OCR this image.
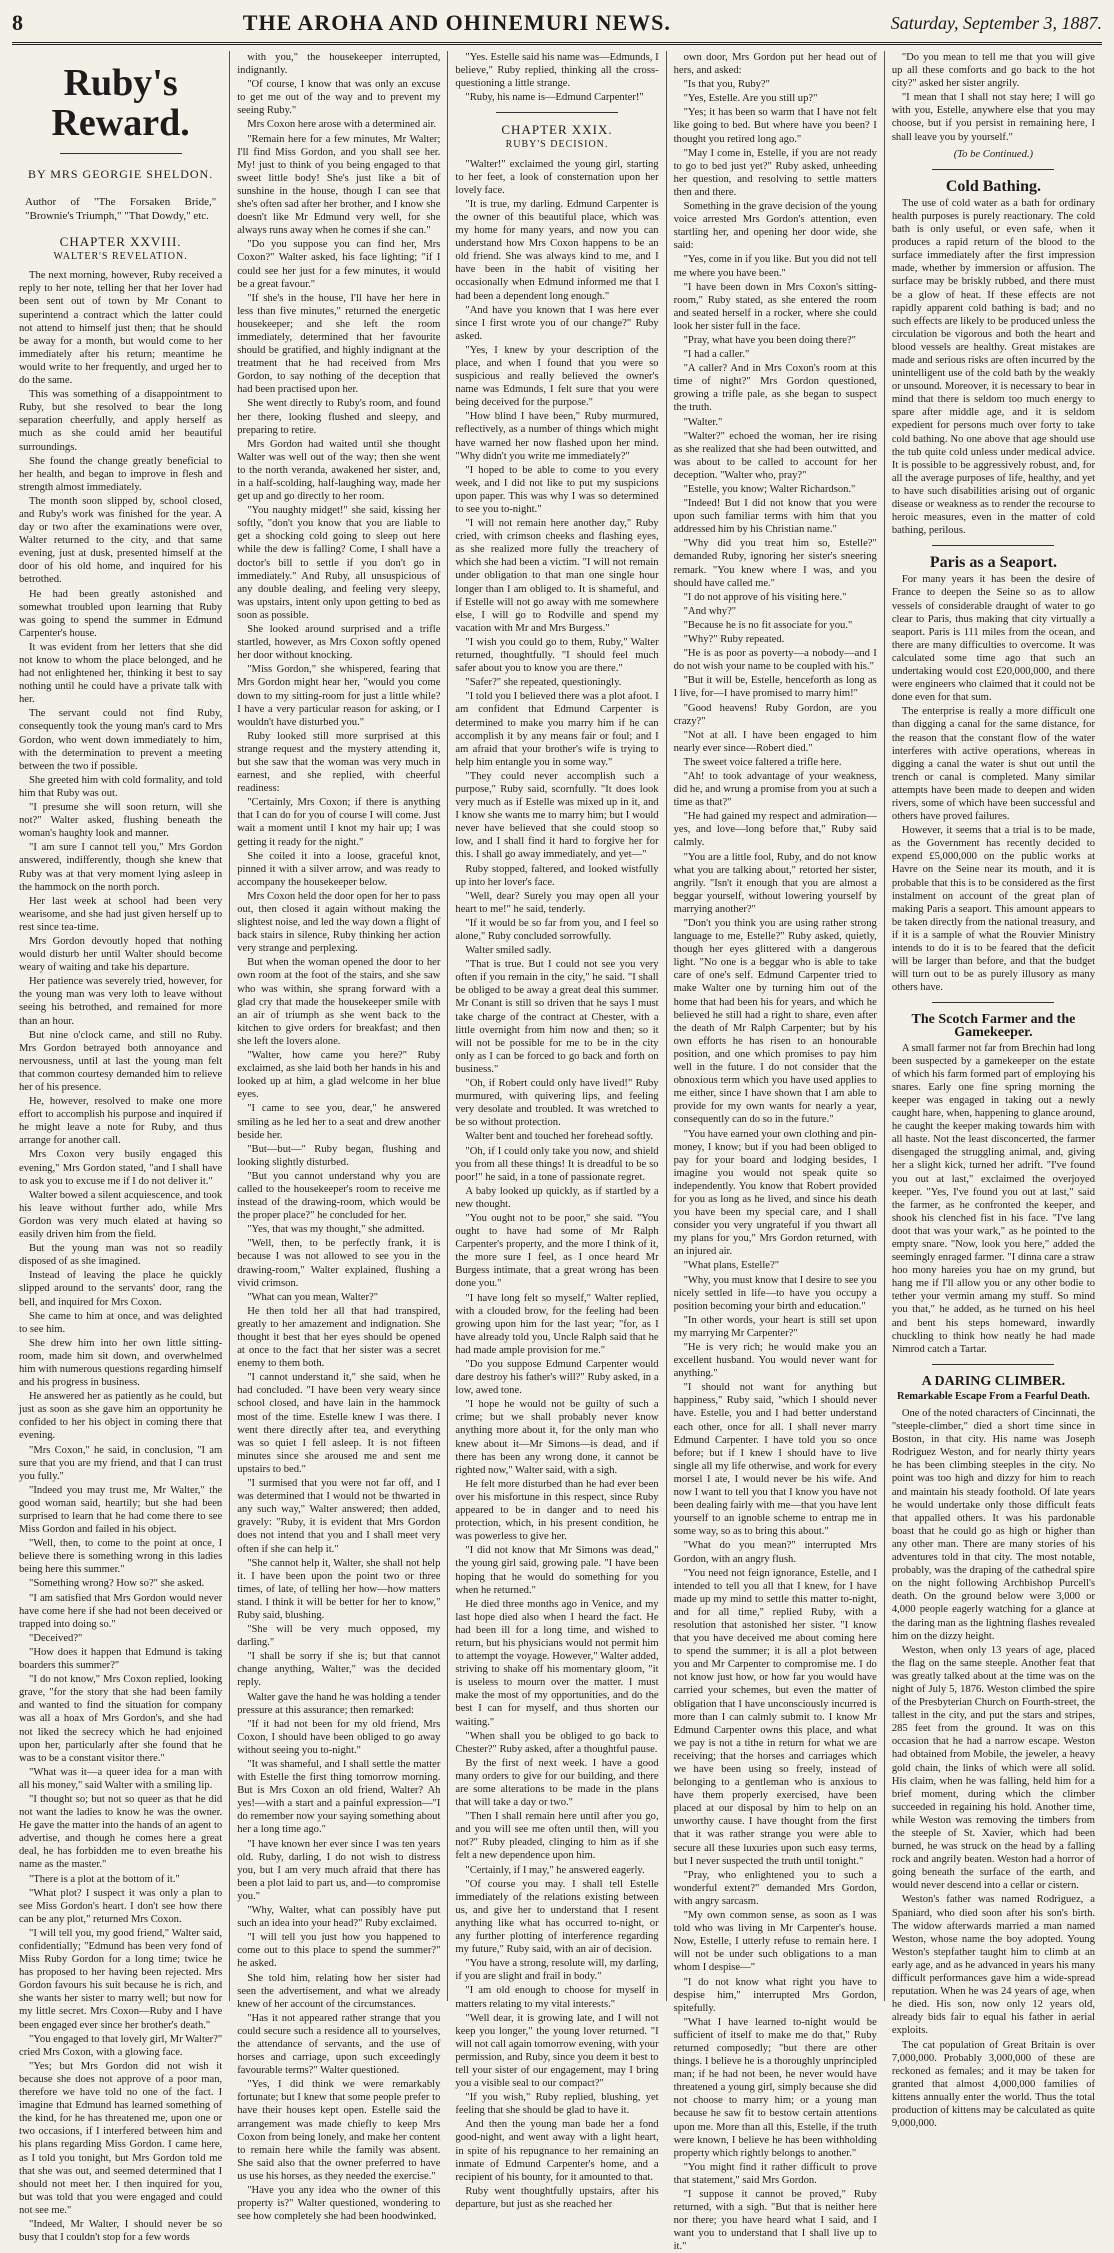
8	THE AROHA AND OHINEMURI NEWS.	Saturday, September 3, 1887.
Ruby's Reward.
BY MRS GEORGIE SHELDON.
Author of "The Forsaken Bride," "Brownie's Triumph," "That Dowdy," etc.
CHAPTER XXVIII.
WALTER'S REVELATION.

The next morning, however, Ruby received a reply to her note, telling her that her lover had been sent out of town by Mr Conant to superintend a contract which the latter could not attend to himself just then; that he should be away for a month, but would come to her immediately after his return; meantime he would write to her frequently, and urged her to do the same.

This was something of a disappointment to Ruby, but she resolved to bear the long separation cheerfully, and apply herself as much as she could amid her beautiful surroundings.

She found the change greatly beneficial to her health, and began to improve in flesh and strength almost immediately.

The month soon slipped by, school closed, and Ruby's work was finished for the year. A day or two after the examinations were over, Walter returned to the city, and that same evening, just at dusk, presented himself at the door of his old home, and inquired for his betrothed.

He had been greatly astonished and somewhat troubled upon learning that Ruby was going to spend the summer in Edmund Carpenter's house.

It was evident from her letters that she did not know to whom the place belonged, and he had not enlightened her, thinking it best to say nothing until he could have a private talk with her.

The servant could not find Ruby, consequently took the young man's card to Mrs Gordon, who went down immediately to him, with the determination to prevent a meeting between the two if possible.

She greeted him with cold formality, and told him that Ruby was out.

"I presume she will soon return, will she not?" Walter asked, flushing beneath the woman's haughty look and manner.

"I am sure I cannot tell you," Mrs Gordon answered, indifferently, though she knew that Ruby was at that very moment lying asleep in the hammock on the north porch.

Her last week at school had been very wearisome, and she had just given herself up to rest since tea-time.

Mrs Gordon devoutly hoped that nothing would disturb her until Walter should become weary of waiting and take his departure.

Her patience was severely tried, however, for the young man was very loth to leave without seeing his betrothed, and remained for more than an hour.

But nine o'clock came, and still no Ruby. Mrs Gordon betrayed both annoyance and nervousness, until at last the young man felt that common courtesy demanded him to relieve her of his presence.

He, however, resolved to make one more effort to accomplish his purpose and inquired if he might leave a note for Ruby, and thus arrange for another call.

Mrs Coxon very busily engaged this evening," Mrs Gordon stated, "and I shall have to ask you to excuse me if I do not deliver it."

Walter bowed a silent acquiescence, and took his leave without further ado, while Mrs Gordon was very much elated at having so easily driven him from the field.

But the young man was not so readily disposed of as she imagined.

Instead of leaving the place he quickly slipped around to the servants' door, rang the bell, and inquired for Mrs Coxon.

She came to him at once, and was delighted to see him.

She drew him into her own little sitting-room, made him sit down, and overwhelmed him with numerous questions regarding himself and his progress in business.

He answered her as patiently as he could, but just as soon as she gave him an opportunity he confided to her his object in coming there that evening.

"Mrs Coxon," he said, in conclusion, "I am sure that you are my friend, and that I can trust you fully."

"Indeed you may trust me, Mr Walter," the good woman said, heartily; but she had been surprised to learn that he had come there to see Miss Gordon and failed in his object.

"Well, then, to come to the point at once, I believe there is something wrong in this ladies being here this summer."

"Something wrong? How so?" she asked.

"I am satisfied that Mrs Gordon would never have come here if she had not been deceived or trapped into doing so."

"Deceived?"

"How does it happen that Edmund is taking boarders this summer?"

"I do not know," Mrs Coxon replied, looking grave, "for the story that she had been family and wanted to find the situation for company was all a hoax of Mrs Gordon's, and she had not liked the secrecy which he had enjoined upon her, particularly after she found that he was to be a constant visitor there."

"What was it—a queer idea for a man with all his money," said Walter with a smiling lip.

"I thought so; but not so queer as that he did not want the ladies to know he was the owner. He gave the matter into the hands of an agent to advertise, and though he comes here a great deal, he has forbidden me to even breathe his name as the master."

"There is a plot at the bottom of it."

"What plot? I suspect it was only a plan to see Miss Gordon's heart. I don't see how there can be any plot," returned Mrs Coxon.

"I will tell you, my good friend," Walter said, confidentially; "Edmund has been very fond of Miss Ruby Gordon for a long time; twice he has proposed to her having been rejected. Mrs Gordon favours his suit because he is rich, and she wants her sister to marry well; but now for my little secret. Mrs Coxon—Ruby and I have been engaged ever since her brother's death."

"You engaged to that lovely girl, Mr Walter?" cried Mrs Coxon, with a glowing face.

"Yes; but Mrs Gordon did not wish it because she does not approve of a poor man, therefore we have told no one of the fact. I imagine that Edmund has learned something of the kind, for he has threatened me, upon one or two occasions, if I interfered between him and his plans regarding Miss Gordon. I came here, as I told you tonight, but Mrs Gordon told me that she was out, and seemed determined that I should not meet her. I then inquired for you, but was told that you were engaged and could not see me."

"Indeed, Mr Walter, I should never be so busy that I couldn't stop for a few words

with you," the housekeeper interrupted, indignantly.

"Of course, I know that was only an excuse to get me out of the way and to prevent my seeing Ruby."

Mrs Coxon here arose with a determined air.

"Remain here for a few minutes, Mr Walter; I'll find Miss Gordon, and you shall see her. My! just to think of you being engaged to that sweet little body! She's just like a bit of sunshine in the house, though I can see that she's often sad after her brother, and I know she doesn't like Mr Edmund very well, for she always runs away when he comes if she can."

"Do you suppose you can find her, Mrs Coxon?" Walter asked, his face lighting; "if I could see her just for a few minutes, it would be a great favour."

"If she's in the house, I'll have her here in less than five minutes," returned the energetic housekeeper; and she left the room immediately, determined that her favourite should be gratified, and highly indignant at the treatment that he had received from Mrs Gordon, to say nothing of the deception that had been practised upon her.

She went directly to Ruby's room, and found her there, looking flushed and sleepy, and preparing to retire.

Mrs Gordon had waited until she thought Walter was well out of the way; then she went to the north veranda, awakened her sister, and, in a half-scolding, half-laughing way, made her get up and go directly to her room.

"You naughty midget!" she said, kissing her softly, "don't you know that you are liable to get a shocking cold going to sleep out here while the dew is falling? Come, I shall have a doctor's bill to settle if you don't go in immediately." And Ruby, all unsuspicious of any double dealing, and feeling very sleepy, was upstairs, intent only upon getting to bed as soon as possible.

She looked around surprised and a trifle startled, however, as Mrs Coxon softly opened her door without knocking.

"Miss Gordon," she whispered, fearing that Mrs Gordon might hear her, "would you come down to my sitting-room for just a little while? I have a very particular reason for asking, or I wouldn't have disturbed you."

Ruby looked still more surprised at this strange request and the mystery attending it, but she saw that the woman was very much in earnest, and she replied, with cheerful readiness:

"Certainly, Mrs Coxon; if there is anything that I can do for you of course I will come. Just wait a moment until I knot my hair up; I was getting it ready for the night."

She coiled it into a loose, graceful knot, pinned it with a silver arrow, and was ready to accompany the housekeeper below.

Mrs Coxon held the door open for her to pass out, then closed it again without making the slightest noise, and led the way down a flight of back stairs in silence, Ruby thinking her action very strange and perplexing.

But when the woman opened the door to her own room at the foot of the stairs, and she saw who was within, she sprang forward with a glad cry that made the housekeeper smile with an air of triumph as she went back to the kitchen to give orders for breakfast; and then she left the lovers alone.

"Walter, how came you here?" Ruby exclaimed, as she laid both her hands in his and looked up at him, a glad welcome in her blue eyes.

"I came to see you, dear," he answered smiling as he led her to a seat and drew another beside her.

"But—but—" Ruby began, flushing and looking slightly disturbed.

"But you cannot understand why you are called to the housekeeper's room to receive me instead of the drawing-room, which would be the proper place?" he concluded for her.

"Yes, that was my thought," she admitted.

"Well, then, to be perfectly frank, it is because I was not allowed to see you in the drawing-room," Walter explained, flushing a vivid crimson.

"What can you mean, Walter?"

He then told her all that had transpired, greatly to her amazement and indignation. She thought it best that her eyes should be opened at once to the fact that her sister was a secret enemy to them both.

"I cannot understand it," she said, when he had concluded. "I have been very weary since school closed, and have lain in the hammock most of the time. Estelle knew I was there. I went there directly after tea, and everything was so quiet I fell asleep. It is not fifteen minutes since she aroused me and sent me upstairs to bed."

"I surmised that you were not far off, and I was determined that I would not be thwarted in any such way," Walter answered; then added, gravely: "Ruby, it is evident that Mrs Gordon does not intend that you and I shall meet very often if she can help it."

"She cannot help it, Walter, she shall not help it. I have been upon the point two or three times, of late, of telling her how—how matters stand. I think it will be better for her to know," Ruby said, blushing.

"She will be very much opposed, my darling."

"I shall be sorry if she is; but that cannot change anything, Walter," was the decided reply.

Walter gave the hand he was holding a tender pressure at this assurance; then remarked:

"If it had not been for my old friend, Mrs Coxon, I should have been obliged to go away without seeing you to-night."

"It was shameful, and I shall settle the matter with Estelle the first thing tomorrow morning. But is Mrs Coxon an old friend, Walter? Ah yes!—with a start and a painful expression—"I do remember now your saying something about her a long time ago."

"I have known her ever since I was ten years old. Ruby, darling, I do not wish to distress you, but I am very much afraid that there has been a plot laid to part us, and—to compromise you."

"Why, Walter, what can possibly have put such an idea into your head?" Ruby exclaimed.

"I will tell you just how you happened to come out to this place to spend the summer?" he asked.

She told him, relating how her sister had seen the advertisement, and what we already knew of her account of the circumstances.

"Has it not appeared rather strange that you could secure such a residence all to yourselves, the attendance of servants, and the use of horses and carriage, upon such exceedingly favourable terms?" Walter questioned.

"Yes, I did think we were remarkably fortunate; but I knew that some people prefer to have their houses kept open. Estelle said the arrangement was made chiefly to keep Mrs Coxon from being lonely, and make her content to remain here while the family was absent. She said also that the owner preferred to have us use his horses, as they needed the exercise."

"Have you any idea who the owner of this property is?" Walter questioned, wondering to see how completely she had been hoodwinked.

"Yes. Estelle said his name was—Edmunds, I believe," Ruby replied, thinking all the cross-questioning a little strange.

"Ruby, his name is—Edmund Carpenter!"

CHAPTER XXIX.
RUBY'S DECISION.

"Walter!" exclaimed the young girl, starting to her feet, a look of consternation upon her lovely face.

"It is true, my darling. Edmund Carpenter is the owner of this beautiful place, which was my home for many years, and now you can understand how Mrs Coxon happens to be an old friend. She was always kind to me, and I have been in the habit of visiting her occasionally when Edmund informed me that I had been a dependent long enough."

"And have you known that I was here ever since I first wrote you of our change?" Ruby asked.

"Yes, I knew by your description of the place, and when I found that you were so suspicious and really believed the owner's name was Edmunds, I felt sure that you were being deceived for the purpose."

"How blind I have been," Ruby murmured, reflectively, as a number of things which might have warned her now flashed upon her mind. "Why didn't you write me immediately?"

"I hoped to be able to come to you every week, and I did not like to put my suspicions upon paper. This was why I was so determined to see you to-night."

"I will not remain here another day," Ruby cried, with crimson cheeks and flashing eyes, as she realized more fully the treachery of which she had been a victim. "I will not remain under obligation to that man one single hour longer than I am obliged to. It is shameful, and if Estelle will not go away with me somewhere else, I will go to Rodville and spend my vacation with Mr and Mrs Burgess."

"I wish you could go to them, Ruby," Walter returned, thoughtfully. "I should feel much safer about you to know you are there."

"Safer?" she repeated, questioningly.

"I told you I believed there was a plot afoot. I am confident that Edmund Carpenter is determined to make you marry him if he can accomplish it by any means fair or foul; and I am afraid that your brother's wife is trying to help him entangle you in some way."

"They could never accomplish such a purpose," Ruby said, scornfully. "It does look very much as if Estelle was mixed up in it, and I know she wants me to marry him; but I would never have believed that she could stoop so low, and I shall find it hard to forgive her for this. I shall go away immediately, and yet—"

Ruby stopped, faltered, and looked wistfully up into her lover's face.

"Well, dear? Surely you may open all your heart to me!" he said, tenderly.

"If it would be so far from you, and I feel so alone," Ruby concluded sorrowfully.

Walter smiled sadly.

"That is true. But I could not see you very often if you remain in the city," he said. "I shall be obliged to be away a great deal this summer. Mr Conant is still so driven that he says I must take charge of the contract at Chester, with a little overnight from him now and then; so it will not be possible for me to be in the city only as I can be forced to go back and forth on business."

"Oh, if Robert could only have lived!" Ruby murmured, with quivering lips, and feeling very desolate and troubled. It was wretched to be so without protection.

Walter bent and touched her forehead softly.

"Oh, if I could only take you now, and shield you from all these things! It is dreadful to be so poor!" he said, in a tone of passionate regret.

A baby looked up quickly, as if startled by a new thought.

"You ought not to be poor," she said. "You ought to have had some of Mr Ralph Carpenter's property, and the more I think of it, the more sure I feel, as I once heard Mr Burgess intimate, that a great wrong has been done you."

"I have long felt so myself," Walter replied, with a clouded brow, for the feeling had been growing upon him for the last year; "for, as I have already told you, Uncle Ralph said that he had made ample provision for me."

"Do you suppose Edmund Carpenter would dare destroy his father's will?" Ruby asked, in a low, awed tone.

"I hope he would not be guilty of such a crime; but we shall probably never know anything more about it, for the only man who knew about it—Mr Simons—is dead, and if there has been any wrong done, it cannot be righted now," Walter said, with a sigh.

He felt more disturbed than he had ever been over his misfortune in this respect, since Ruby appeared to be in danger and to need his protection, which, in his present condition, he was powerless to give her.

"I did not know that Mr Simons was dead," the young girl said, growing pale. "I have been hoping that he would do something for you when he returned."

He died three months ago in Venice, and my last hope died also when I heard the fact. He had been ill for a long time, and wished to return, but his physicians would not permit him to attempt the voyage. However," Walter added, striving to shake off his momentary gloom, "it is useless to mourn over the matter. I must make the most of my opportunities, and do the best I can for myself, and thus shorten our waiting."

"When shall you be obliged to go back to Chester?" Ruby asked, after a thoughtful pause.

By the first of next week. I have a good many orders to give for our building, and there are some alterations to be made in the plans that will take a day or two."

"Then I shall remain here until after you go, and you will see me often until then, will you not?" Ruby pleaded, clinging to him as if she felt a new dependence upon him.

"Certainly, if I may," he answered eagerly.

"Of course you may. I shall tell Estelle immediately of the relations existing between us, and give her to understand that I resent anything like what has occurred to-night, or any further plotting of interference regarding my future," Ruby said, with an air of decision.

"You have a strong, resolute will, my darling, if you are slight and frail in body."

"I am old enough to choose for myself in matters relating to my vital interests."

"Well dear, it is growing late, and I will not keep you longer," the young lover returned. "I will not call again tomorrow evening, with your permission, and Ruby, since you deem it best to tell your sister of our engagement, may I bring you a visible seal to our compact?"

"If you wish," Ruby replied, blushing, yet feeling that she should be glad to have it.

And then the young man bade her a fond good-night, and went away with a light heart, in spite of his repugnance to her remaining an inmate of Edmund Carpenter's home, and a recipient of his bounty, for it amounted to that.

Ruby went thoughtfully upstairs, after his departure, but just as she reached her

own door, Mrs Gordon put her head out of hers, and asked:

"Is that you, Ruby?"

"Yes, Estelle. Are you still up?"

"Yes; it has been so warm that I have not felt like going to bed. But where have you been? I thought you retired long ago."

"May I come in, Estelle, if you are not ready to go to bed just yet?" Ruby asked, unheeding her question, and resolving to settle matters then and there.

Something in the grave decision of the young voice arrested Mrs Gordon's attention, even startling her, and opening her door wide, she said:

"Yes, come in if you like. But you did not tell me where you have been."

"I have been down in Mrs Coxon's sitting-room," Ruby stated, as she entered the room and seated herself in a rocker, where she could look her sister full in the face.

"Pray, what have you been doing there?"

"I had a caller."

"A caller? And in Mrs Coxon's room at this time of night?" Mrs Gordon questioned, growing a trifle pale, as she began to suspect the truth.

"Walter."

"Walter?" echoed the woman, her ire rising as she realized that she had been outwitted, and was about to be called to account for her deception. "Walter who, pray?"

"Estelle, you know; Walter Richardson."

"Indeed! But I did not know that you were upon such familiar terms with him that you addressed him by his Christian name."

"Why did you treat him so, Estelle?" demanded Ruby, ignoring her sister's sneering remark. "You knew where I was, and you should have called me."

"I do not approve of his visiting here."

"And why?"

"Because he is no fit associate for you."

"Why?" Ruby repeated.

"He is as poor as poverty—a nobody—and I do not wish your name to be coupled with his."

"But it will be, Estelle, henceforth as long as I live, for—I have promised to marry him!"

"Good heavens! Ruby Gordon, are you crazy?"

"Not at all. I have been engaged to him nearly ever since—Robert died."

The sweet voice faltered a trifle here.

"Ah! to took advantage of your weakness, did he, and wrung a promise from you at such a time as that?"

"He had gained my respect and admiration—yes, and love—long before that," Ruby said calmly.

"You are a little fool, Ruby, and do not know what you are talking about," retorted her sister, angrily. "Isn't it enough that you are almost a beggar yourself, without lowering yourself by marrying another?"

"Don't you think you are using rather strong language to me, Estelle?" Ruby asked, quietly, though her eyes glittered with a dangerous light. "No one is a beggar who is able to take care of one's self. Edmund Carpenter tried to make Walter one by turning him out of the home that had been his for years, and which he believed he still had a right to share, even after the death of Mr Ralph Carpenter; but by his own efforts he has risen to an honourable position, and one which promises to pay him well in the future. I do not consider that the obnoxious term which you have used applies to me either, since I have shown that I am able to provide for my own wants for nearly a year, consequently can do so in the future."

"You have earned your own clothing and pin-money, I know; but if you had been obliged to pay for your board and lodging besides, I imagine you would not speak quite so independently. You know that Robert provided for you as long as he lived, and since his death you have been my special care, and I shall consider you very ungrateful if you thwart all my plans for you," Mrs Gordon returned, with an injured air.

"What plans, Estelle?"

"Why, you must know that I desire to see you nicely settled in life—to have you occupy a position becoming your birth and education."

"In other words, your heart is still set upon my marrying Mr Carpenter?"

"He is very rich; he would make you an excellent husband. You would never want for anything."

"I should not want for anything but happiness," Ruby said, "which I should never have. Estelle, you and I had better understand each other, once for all. I shall never marry Edmund Carpenter. I have told you so once before; but if I knew I should have to live single all my life otherwise, and work for every morsel I ate, I would never be his wife. And now I want to tell you that I know you have not been dealing fairly with me—that you have lent yourself to an ignoble scheme to entrap me in some way, so as to bring this about."

"What do you mean?" interrupted Mrs Gordon, with an angry flush.

"You need not feign ignorance, Estelle, and I intended to tell you all that I knew, for I have made up my mind to settle this matter to-night, and for all time," replied Ruby, with a resolution that astonished her sister. "I know that you have deceived me about coming here to spend the summer; it is all a plot between you and Mr Carpenter to compromise me. I do not know just how, or how far you would have carried your schemes, but even the matter of obligation that I have unconsciously incurred is more than I can calmly submit to. I know Mr Edmund Carpenter owns this place, and what we pay is not a tithe in return for what we are receiving; that the horses and carriages which we have been using so freely, instead of belonging to a gentleman who is anxious to have them properly exercised, have been placed at our disposal by him to help on an unworthy cause. I have thought from the first that it was rather strange you were able to secure all these luxuries upon such easy terms, but I never suspected the truth until tonight."

"Pray, who enlightened you to such a wonderful extent?" demanded Mrs Gordon, with angry sarcasm.

"My own common sense, as soon as I was told who was living in Mr Carpenter's house. Now, Estelle, I utterly refuse to remain here. I will not be under such obligations to a man whom I despise—"

"I do not know what right you have to despise him," interrupted Mrs Gordon, spitefully.

"What I have learned to-night would be sufficient of itself to make me do that," Ruby returned composedly; "but there are other things. I believe he is a thoroughly unprincipled man; if he had not been, he never would have threatened a young girl, simply because she did not choose to marry him; or a young man because he saw fit to bestow certain attentions upon me. More than all this, Estelle, if the truth were known, I believe he has been withholding property which rightly belongs to another."

"You might find it rather difficult to prove that statement," said Mrs Gordon.

"I suppose it cannot be proved," Ruby returned, with a sigh. "But that is neither here nor there; you have heard what I said, and I want you to understand that I shall live up to it."

"Do you mean to tell me that you will give up all these comforts and go back to the hot city?" asked her sister angrily.

"I mean that I shall not stay here; I will go with you, Estelle, anywhere else that you may choose, but if you persist in remaining here, I shall leave you by yourself."

(To be Continued.)
Cold Bathing.

The use of cold water as a bath for ordinary health purposes is purely reactionary. The cold bath is only useful, or even safe, when it produces a rapid return of the blood to the surface immediately after the first impression made, whether by immersion or affusion. The surface may be briskly rubbed, and there must be a glow of heat. If these effects are not rapidly apparent cold bathing is bad; and no such effects are likely to be produced unless the circulation be vigorous and both the heart and blood vessels are healthy. Great mistakes are made and serious risks are often incurred by the unintelligent use of the cold bath by the weakly or unsound. Moreover, it is necessary to bear in mind that there is seldom too much energy to spare after middle age, and it is seldom expedient for persons much over forty to take cold bathing. No one above that age should use the tub quite cold unless under medical advice. It is possible to be aggressively robust, and, for all the average purposes of life, healthy, and yet to have such disabilities arising out of organic disease or weakness as to render the recourse to heroic measures, even in the matter of cold bathing, perilous.

Paris as a Seaport.

For many years it has been the desire of France to deepen the Seine so as to allow vessels of considerable draught of water to go clear to Paris, thus making that city virtually a seaport. Paris is 111 miles from the ocean, and there are many difficulties to overcome. It was calculated some time ago that such an undertaking would cost £20,000,000, and there were engineers who claimed that it could not be done even for that sum.

The enterprise is really a more difficult one than digging a canal for the same distance, for the reason that the constant flow of the water interferes with active operations, whereas in digging a canal the water is shut out until the trench or canal is completed. Many similar attempts have been made to deepen and widen rivers, some of which have been successful and others have proved failures.

However, it seems that a trial is to be made, as the Government has recently decided to expend £5,000,000 on the public works at Havre on the Seine near its mouth, and it is probable that this is to be considered as the first instalment on account of the great plan of making Paris a seaport. This amount appears to be taken directly from the national treasury, and if it is a sample of what the Rouvier Ministry intends to do it is to be feared that the deficit will be larger than before, and that the budget will turn out to be as purely illusory as many others have.

The Scotch Farmer and the Gamekeeper.

A small farmer not far from Brechin had long been suspected by a gamekeeper on the estate of which his farm formed part of employing his snares. Early one fine spring morning the keeper was engaged in taking out a newly caught hare, when, happening to glance around, he caught the keeper making towards him with all haste. Not the least disconcerted, the farmer disengaged the struggling animal, and, giving her a slight kick, turned her adrift. "I've found you out at last," exclaimed the overjoyed keeper. "Yes, I've found you out at last," said the farmer, as he confronted the keeper, and shook his clenched fist in his face. "I've lang doot that was your wark," as he pointed to the empty snare. "Now, look you here," added the seemingly enraged farmer. "I dinna care a straw hoo mony hareies you hae on my grund, but hang me if I'll allow you or any other bodie to tether your vermin amang my stuff. So mind you that," he added, as he turned on his heel and bent his steps homeward, inwardly chuckling to think how neatly he had made Nimrod catch a Tartar.

A DARING CLIMBER.
Remarkable Escape From a Fearful Death.

One of the noted characters of Cincinnati, the "steeple-climber," died a short time since in Boston, in that city. His name was Joseph Rodriguez Weston, and for nearly thirty years he has been climbing steeples in the city. No point was too high and dizzy for him to reach and maintain his steady foothold. Of late years he would undertake only those difficult feats that appalled others. It was his pardonable boast that he could go as high or higher than any other man. There are many stories of his adventures told in that city. The most notable, probably, was the draping of the cathedral spire on the night following Archbishop Purcell's death. On the ground below were 3,000 or 4,000 people eagerly watching for a glance at the daring man as the lightning flashes revealed him on the dizzy height.

Weston, when only 13 years of age, placed the flag on the same steeple. Another feat that was greatly talked about at the time was on the night of July 5, 1876. Weston climbed the spire of the Presbyterian Church on Fourth-street, the tallest in the city, and put the stars and stripes, 285 feet from the ground. It was on this occasion that he had a narrow escape. Weston had obtained from Mobile, the jeweler, a heavy gold chain, the links of which were all solid. His claim, when he was falling, held him for a brief moment, during which the climber succeeded in regaining his hold. Another time, while Weston was removing the timbers from the steeple of St. Xavier, which had been burned, he was struck on the head by a falling rock and angrily beaten. Weston had a horror of going beneath the surface of the earth, and would never descend into a cellar or cistern.

Weston's father was named Rodriguez, a Spaniard, who died soon after his son's birth. The widow afterwards married a man named Weston, whose name the boy adopted. Young Weston's stepfather taught him to climb at an early age, and as he advanced in years his many difficult performances gave him a wide-spread reputation. When he was 24 years of age, when he died. His son, now only 12 years old, already bids fair to equal his father in aerial exploits.

The cat population of Great Britain is over 7,000,000. Probably 3,000,000 of these are reckoned as females; and it may be taken for granted that almost 4,000,000 families of kittens annually enter the world. Thus the total production of kittens may be calculated as quite 9,000,000.
